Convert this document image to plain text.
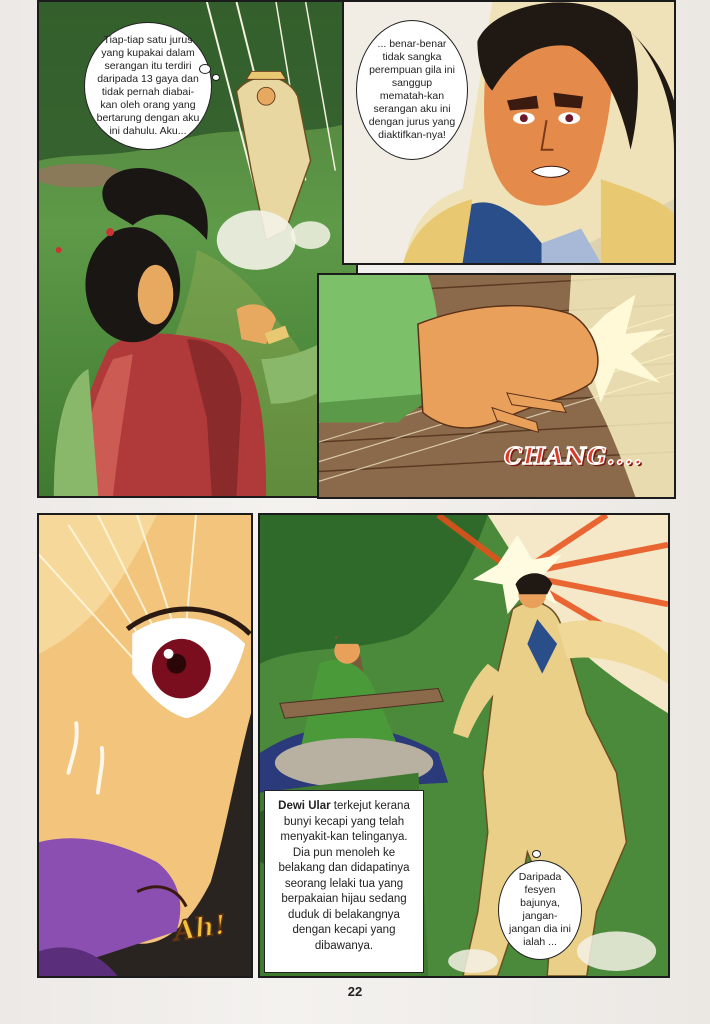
Tiap-tiap satu jurus yang kupakai dalam serangan itu terdiri daripada 13 gaya dan tidak pernah diabai-kan oleh orang yang bertarung dengan aku ini dahulu. Aku...
... benar-benar tidak sangka perempuan gila ini sanggup mematah-kan serangan aku ini dengan jurus yang diaktifkan-nya!
CHANG....
Ah!
Dewi Ular terkejut kerana bunyi kecapi yang telah menyakit-kan telinganya. Dia pun menoleh ke belakang dan didapatinya seorang lelaki tua yang berpakaian hijau sedang duduk di belakangnya dengan kecapi yang dibawanya.
Daripada fesyen bajunya, jangan-jangan dia ini ialah ...
22
